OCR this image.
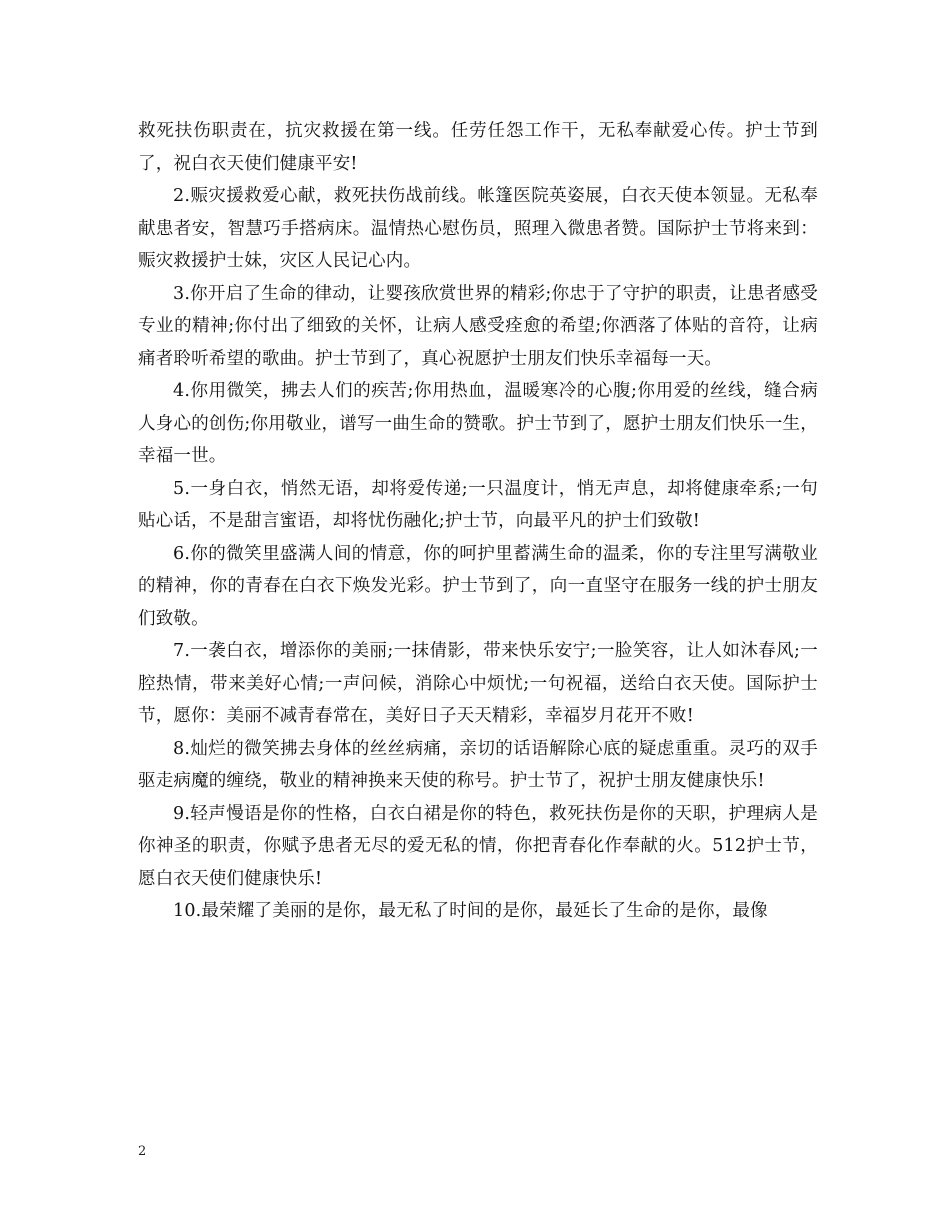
救死扶伤职责在，抗灾救援在第一线。任劳任怨工作干，无私奉献爱心传。护士节到了，祝白衣天使们健康平安!

2.赈灾援救爱心献，救死扶伤战前线。帐篷医院英姿展，白衣天使本领显。无私奉献患者安，智慧巧手搭病床。温情热心慰伤员，照理入微患者赞。国际护士节将来到：赈灾救援护士妹，灾区人民记心内。

3.你开启了生命的律动，让婴孩欣赏世界的精彩;你忠于了守护的职责，让患者感受专业的精神;你付出了细致的关怀，让病人感受痊愈的希望;你洒落了体贴的音符，让病痛者聆听希望的歌曲。护士节到了，真心祝愿护士朋友们快乐幸福每一天。

4.你用微笑，拂去人们的疾苦;你用热血，温暖寒冷的心腹;你用爱的丝线，缝合病人身心的创伤;你用敬业，谱写一曲生命的赞歌。护士节到了，愿护士朋友们快乐一生，幸福一世。

5.一身白衣，悄然无语，却将爱传递;一只温度计，悄无声息，却将健康牵系;一句贴心话，不是甜言蜜语，却将忧伤融化;护士节，向最平凡的护士们致敬!

6.你的微笑里盛满人间的情意，你的呵护里蓄满生命的温柔，你的专注里写满敬业的精神，你的青春在白衣下焕发光彩。护士节到了，向一直坚守在服务一线的护士朋友们致敬。

7.一袭白衣，增添你的美丽;一抹倩影，带来快乐安宁;一脸笑容，让人如沐春风;一腔热情，带来美好心情;一声问候，消除心中烦忧;一句祝福，送给白衣天使。国际护士节，愿你：美丽不减青春常在，美好日子天天精彩，幸福岁月花开不败!

8.灿烂的微笑拂去身体的丝丝病痛，亲切的话语解除心底的疑虑重重。灵巧的双手驱走病魔的缠绕，敬业的精神换来天使的称号。护士节了，祝护士朋友健康快乐!

9.轻声慢语是你的性格，白衣白裙是你的特色，救死扶伤是你的天职，护理病人是你神圣的职责，你赋予患者无尽的爱无私的情，你把青春化作奉献的火。512护士节，愿白衣天使们健康快乐!

10.最荣耀了美丽的是你，最无私了时间的是你，最延长了生命的是你，最像

2
